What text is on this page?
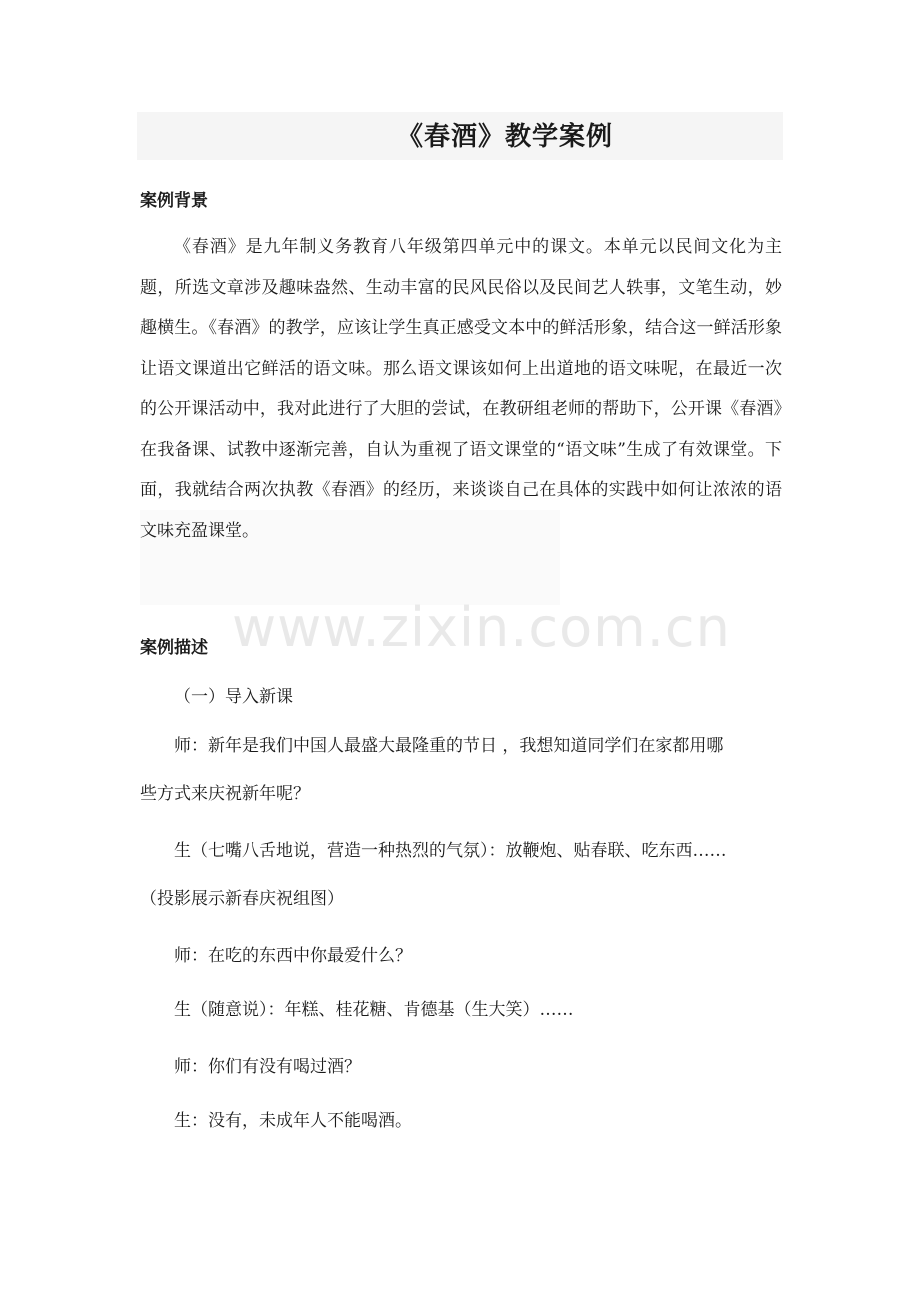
《春酒》教学案例
案例背景
《春酒》是九年制义务教育八年级第四单元中的课文。本单元以民间文化为主题，所选文章涉及趣味盎然、生动丰富的民风民俗以及民间艺人轶事，文笔生动，妙趣横生。《春酒》的教学，应该让学生真正感受文本中的鲜活形象，结合这一鲜活形象让语文课道出它鲜活的语文味。那么语文课该如何上出道地的语文味呢，在最近一次的公开课活动中，我对此进行了大胆的尝试，在教研组老师的帮助下，公开课《春酒》在我备课、试教中逐渐完善，自认为重视了语文课堂的“语文味”生成了有效课堂。下面，我就结合两次执教《春酒》的经历，来谈谈自己在具体的实践中如何让浓浓的语文味充盈课堂。
www.zixin.com.cn
案例描述
（一）导入新课
师：新年是我们中国人最盛大最隆重的节日 ，我想知道同学们在家都用哪
些方式来庆祝新年呢？
生（七嘴八舌地说，营造一种热烈的气氛）：放鞭炮、贴春联、吃东西……
（投影展示新春庆祝组图）
师：在吃的东西中你最爱什么？
生（随意说）：年糕、桂花糖、肯德基（生大笑）……
师：你们有没有喝过酒？
生：没有，未成年人不能喝酒。
